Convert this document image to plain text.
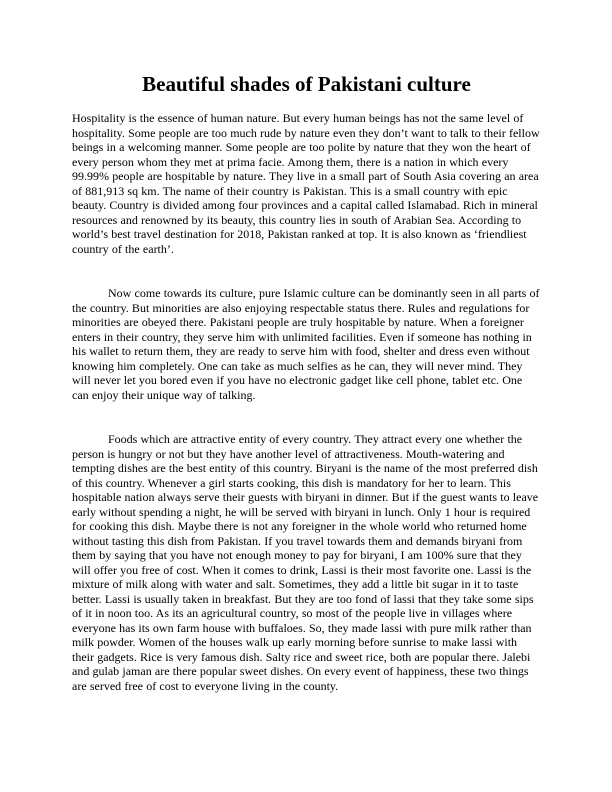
Beautiful shades of Pakistani culture

Hospitality is the essence of human nature. But every human beings has not the same level of hospitality. Some people are too much rude by nature even they don’t want to talk to their fellow beings in a welcoming manner. Some people are too polite by nature that they won the heart of every person whom they met at prima facie. Among them, there is a nation in which every 99.99% people are hospitable by nature. They live in a small part of South Asia covering an area of 881,913 sq km. The name of their country is Pakistan. This is a small country with epic beauty. Country is divided among four provinces and a capital called Islamabad. Rich in mineral resources and renowned by its beauty, this country lies in south of Arabian Sea. According to world’s best travel destination for 2018, Pakistan ranked at top. It is also known as ‘friendliest country of the earth’.

Now come towards its culture, pure Islamic culture can be dominantly seen in all parts of the country. But minorities are also enjoying respectable status there. Rules and regulations for minorities are obeyed there. Pakistani people are truly hospitable by nature. When a foreigner enters in their country, they serve him with unlimited facilities. Even if someone has nothing in his wallet to return them, they are ready to serve him with food, shelter and dress even without knowing him completely. One can take as much selfies as he can, they will never mind. They will never let you bored even if you have no electronic gadget like cell phone, tablet etc. One can enjoy their unique way of talking.

Foods which are attractive entity of every country. They attract every one whether the person is hungry or not but they have another level of attractiveness. Mouth-watering and tempting dishes are the best entity of this country. Biryani is the name of the most preferred dish of this country. Whenever a girl starts cooking, this dish is mandatory for her to learn. This hospitable nation always serve their guests with biryani in dinner. But if the guest wants to leave early without spending a night, he will be served with biryani in lunch. Only 1 hour is required for cooking this dish. Maybe there is not any foreigner in the whole world who returned home without tasting this dish from Pakistan. If you travel towards them and demands biryani from them by saying that you have not enough money to pay for biryani, I am 100% sure that they will offer you free of cost. When it comes to drink, Lassi is their most favorite one. Lassi is the mixture of milk along with water and salt. Sometimes, they add a little bit sugar in it to taste better. Lassi is usually taken in breakfast. But they are too fond of lassi that they take some sips of it in noon too. As its an agricultural country, so most of the people live in villages where everyone has its own farm house with buffaloes. So, they made lassi with pure milk rather than milk powder. Women of the houses walk up early morning before sunrise to make lassi with their gadgets. Rice is very famous dish. Salty rice and sweet rice, both are popular there. Jalebi and gulab jaman are there popular sweet dishes. On every event of happiness, these two things are served free of cost to everyone living in the county.
